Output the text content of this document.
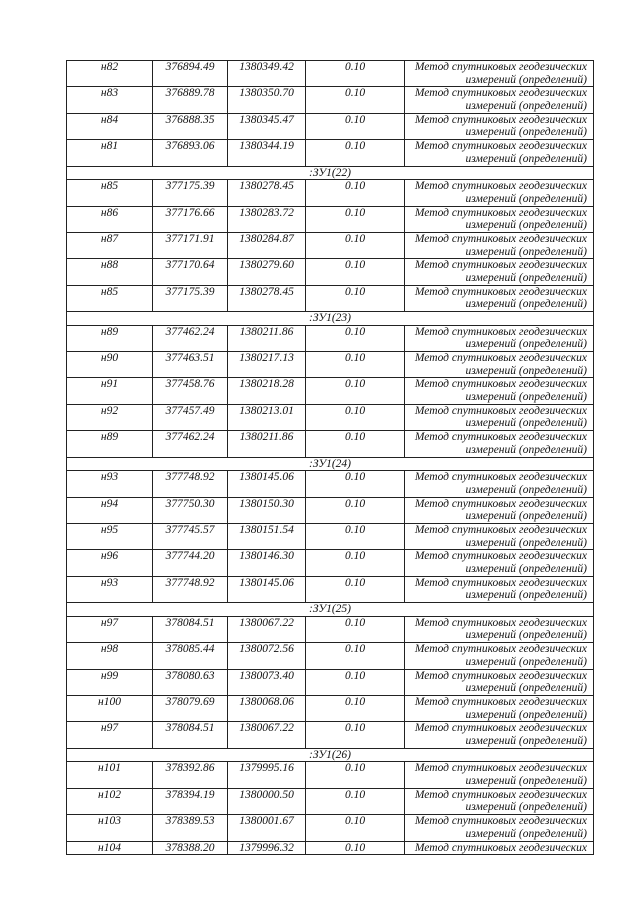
н82	376894.49	1380349.42	0.10	Метод спутниковых геодезических
измерений (определений)
н83	376889.78	1380350.70	0.10	Метод спутниковых геодезических
измерений (определений)
н84	376888.35	1380345.47	0.10	Метод спутниковых геодезических
измерений (определений)
н81	376893.06	1380344.19	0.10	Метод спутниковых геодезических
измерений (определений)
:ЗУ1(22)				
н85	377175.39	1380278.45	0.10	Метод спутниковых геодезических
измерений (определений)
н86	377176.66	1380283.72	0.10	Метод спутниковых геодезических
измерений (определений)
н87	377171.91	1380284.87	0.10	Метод спутниковых геодезических
измерений (определений)
н88	377170.64	1380279.60	0.10	Метод спутниковых геодезических
измерений (определений)
н85	377175.39	1380278.45	0.10	Метод спутниковых геодезических
измерений (определений)
:ЗУ1(23)				
н89	377462.24	1380211.86	0.10	Метод спутниковых геодезических
измерений (определений)
н90	377463.51	1380217.13	0.10	Метод спутниковых геодезических
измерений (определений)
н91	377458.76	1380218.28	0.10	Метод спутниковых геодезических
измерений (определений)
н92	377457.49	1380213.01	0.10	Метод спутниковых геодезических
измерений (определений)
н89	377462.24	1380211.86	0.10	Метод спутниковых геодезических
измерений (определений)
:ЗУ1(24)				
н93	377748.92	1380145.06	0.10	Метод спутниковых геодезических
измерений (определений)
н94	377750.30	1380150.30	0.10	Метод спутниковых геодезических
измерений (определений)
н95	377745.57	1380151.54	0.10	Метод спутниковых геодезических
измерений (определений)
н96	377744.20	1380146.30	0.10	Метод спутниковых геодезических
измерений (определений)
н93	377748.92	1380145.06	0.10	Метод спутниковых геодезических
измерений (определений)
:ЗУ1(25)				
н97	378084.51	1380067.22	0.10	Метод спутниковых геодезических
измерений (определений)
н98	378085.44	1380072.56	0.10	Метод спутниковых геодезических
измерений (определений)
н99	378080.63	1380073.40	0.10	Метод спутниковых геодезических
измерений (определений)
н100	378079.69	1380068.06	0.10	Метод спутниковых геодезических
измерений (определений)
н97	378084.51	1380067.22	0.10	Метод спутниковых геодезических
измерений (определений)
:ЗУ1(26)				
н101	378392.86	1379995.16	0.10	Метод спутниковых геодезических
измерений (определений)
н102	378394.19	1380000.50	0.10	Метод спутниковых геодезических
измерений (определений)
н103	378389.53	1380001.67	0.10	Метод спутниковых геодезических
измерений (определений)
н104	378388.20	1379996.32	0.10	Метод спутниковых геодезических
